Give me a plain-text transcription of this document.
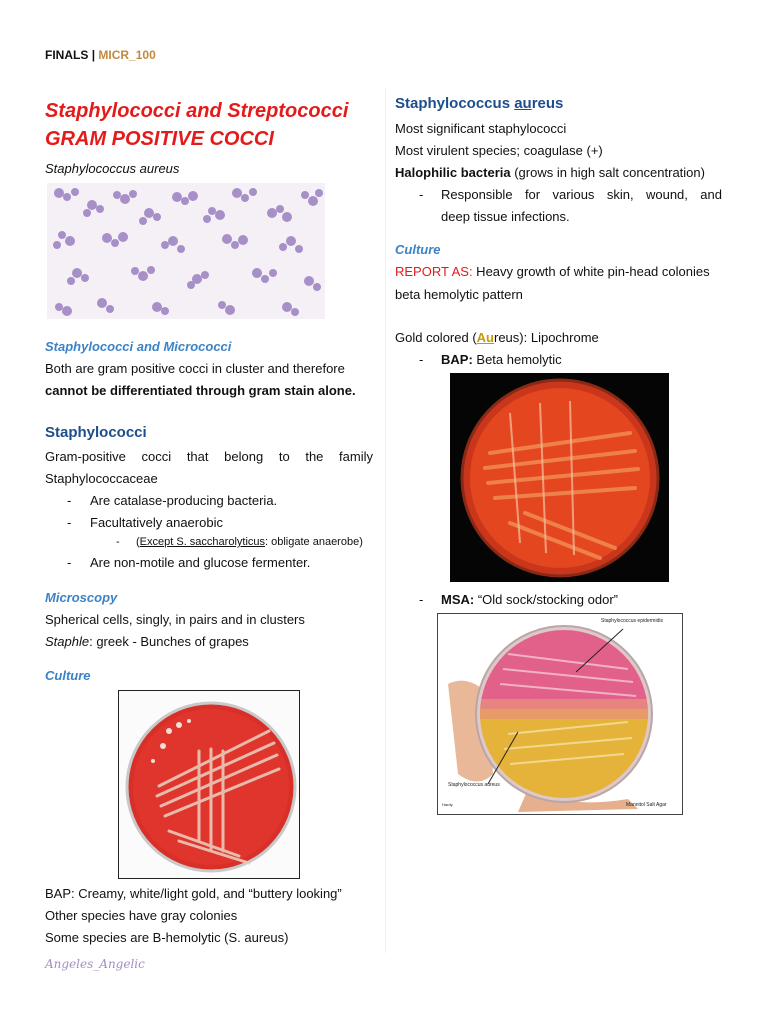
FINALS | MICR_100
Staphylococci and Streptococci
GRAM POSITIVE COCCI
Staphylococcus aureus
Staphylococci and Micrococci
Both are gram positive cocci in cluster and therefore
cannot be differentiated through gram stain alone.
Staphylococci
Gram-positive cocci that belong to the family
Staphylococcaceae
- Are catalase-producing bacteria.
- Facultatively anaerobic
- (Except S. saccharolyticus: obligate anaerobe)
- Are non-motile and glucose fermenter.
Microscopy
Spherical cells, singly, in pairs and in clusters
Staphle: greek - Bunches of grapes
Culture
BAP: Creamy, white/light gold, and “buttery looking”
Other species have gray colonies
Some species are B-hemolytic (S. aureus)
Angeles_Angelic
Staphylococcus aureus
Most significant staphylococci
Most virulent species; coagulase (+)
Halophilic bacteria (grows in high salt concentration)
- Responsible for various skin, wound, and
deep tissue infections.
Culture
REPORT AS: Heavy growth of white pin-head colonies
beta hemolytic pattern
Gold colored (Aureus): Lipochrome
- BAP: Beta hemolytic
- MSA: “Old sock/stocking odor”
Staphylococcus epidermidis
Staphylococcus aureus
Hardy	Mannitol Salt Agar
